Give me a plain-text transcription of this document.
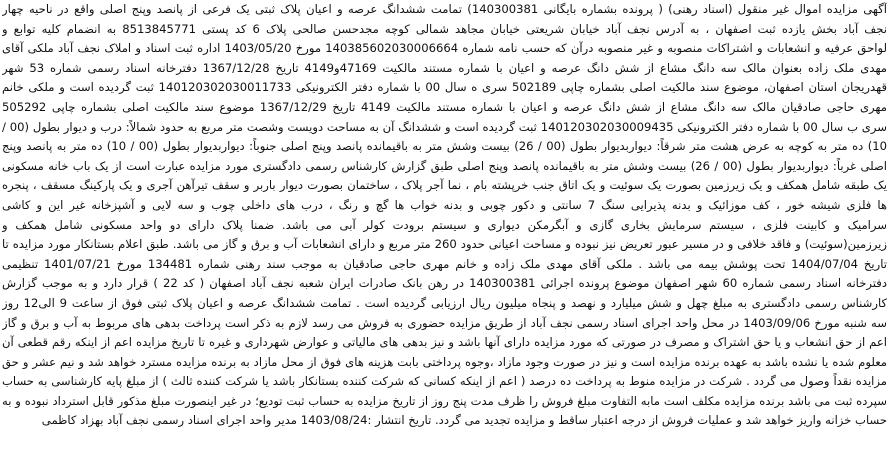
آگهی مزایده اموال غیر منقول (اسناد رهنی) ( پرونده بشماره بایگانی 140300381) تمامت ششدانگ عرصه و اعیان پلاک ثبتی یک فرعی از پانصد وپنج اصلی واقع در ناحیه چهار
نجف آباد بخش یازده ثبت اصفهان ، به آدرس نجف آباد خیابان شریعتی خیابان مجاهد شمالی کوچه مجدحسن صالحی پلاک 6 کد پستی 8513845771 به انضمام کلیه توابع و
لواحق عرفیه و انشعابات و اشتراکات منصوبه و غیر منصوبه درآن که حسب نامه شماره 140385602030006664 مورخ 1403/05/20 اداره ثبت اسناد و املاک نجف آباد ملکی آقای
مهدی ملک زاده بعنوان مالک سه دانگ مشاع از شش دانگ عرصه و اعیان با شماره مستند مالکیت 47169و4149 تاریخ 1367/12/28 دفترخانه اسناد رسمی شماره 53 شهر
قهدریجان استان اصفهان، موضوع سند مالکیت اصلی بشماره چاپی 502189 سری ه سال 00 با شماره دفتر الکترونیکی 140120302030011733 ثبت گردیده است و ملکی خانم
مهری حاجی صادقیان مالک سه دانگ مشاع از شش دانگ عرصه و اعیان با شماره مستند مالکیت 4149 تاریخ 1367/12/29 موضوع سند مالکیت اصلی بشماره چاپی 505292
سری ب سال 00 با شماره دفتر الکترونیکی 140120302030009435 ثبت گردیده است و ششدانگ آن به مساحت دویست وشصت متر مربع به حدود شمالاً: درب و دیوار بطول (00 /
10) ده متر به کوچه به عرض هشت متر شرقاً: دیواربدیوار بطول (00 / 26) بیست وشش متر به باقیمانده پانصد وپنج اصلی جنوباً: دیواربدیوار بطول (00 / 10) ده متر به پانصد وپنج
اصلی غرباً: دیواربدیوار بطول (00 / 26) بیست وشش متر به باقیمانده پانصد وپنج اصلی طبق گزارش کارشناس رسمی دادگستری مورد مزایده عبارت است از یک باب خانه مسکونی
یک طبقه شامل همکف و یک زیرزمین بصورت یک سوئیت و یک اتاق جنب خرپشته بام ، نما آجر پلاک ، ساختمان بصورت دیوار باربر و سقف تیرآهن آجری و یک پارکینگ مسقف ، پنجره
ها فلزی شیشه خور ، کف موزائیک و بدنه پذیرایی سنگ 7 سانتی و دکور چوبی و بدنه خواب ها گچ و رنگ ، درب های داخلی چوب و سه لایی و آشپزخانه غیر این و کاشی
سرامیک و کابینت فلزی ، سیستم سرمایش بخاری گازی و آبگرمکن دیواری و سیستم برودت کولر آبی می باشد. ضمنا پلاک دارای دو واحد مسکونی شامل همکف و
زیرزمین(سوئیت) و فاقد خلافی و در مسیر عبور تعریض نیز نبوده و مساحت اعیانی حدود 260 متر مربع و دارای انشعابات آب و برق و گاز می باشد. طبق اعلام بستانکار مورد مزایده تا
تاریخ 1404/07/04 تحت پوشش بیمه می باشد . ملکی آقای مهدی ملک زاده و خانم مهری حاجی صادقیان به موجب سند رهنی شماره 134481 مورخ 1401/07/21 تنظیمی
دفترخانه اسناد رسمی شماره 60 شهر اصفهان موضوع پرونده اجرائی 140300381 در رهن بانک صادرات ایران شعبه نجف آباد اصفهان ( کد 22 ) قرار دارد و به موجب گزارش
کارشناس رسمی دادگستری به مبلغ چهل و شش میلیارد و نهصد و پنجاه میلیون ریال ارزیابی گردیده است . تمامت ششدانگ عرصه و اعیان پلاک ثبتی فوق از ساعت 9 الی12 روز
سه شنبه مورخ 1403/09/06 در محل واحد اجرای اسناد رسمی نجف آباد از طریق مزایده حضوری به فروش می رسد لازم به ذکر است پرداخت بدهی های مربوط به آب و برق و گاز
اعم از حق انشعاب و یا حق اشتراک و مصرف در صورتی که مورد مزایده دارای آنها باشد و نیز بدهی های مالیاتی و عوارض شهرداری و غیره تا تاریخ مزایده اعم از اینکه رقم قطعی آن
معلوم شده یا نشده باشد به عهده برنده مزایده است و نیز در صورت وجود مازاد ،وجوه پرداختی بابت هزینه های فوق از محل مازاد به برنده مزایده مسترد خواهد شد و نیم عشر و حق
مزایده نقداً وصول می گردد . شرکت در مزایده منوط به پرداخت ده درصد ( اعم از اینکه کسانی که شرکت کننده بستانکار باشد یا شرکت کننده ثالث ) از مبلغ پایه کارشناسی به حساب
سپرده ثبت می باشد برنده مزایده مکلف است مابه التفاوت مبلغ فروش را ظرف مدت پنج روز از تاریخ مزایده به حساب ثبت تودیع؛ در غیر اینصورت مبلغ مذکور قابل استرداد نبوده و به
حساب خزانه واریز خواهد شد و عملیات فروش از درجه اعتبار ساقط و مزایده تجدید می گردد. تاریخ انتشار :1403/08/24 مدیر واحد اجرای اسناد رسمی نجف آباد بهزاد کاظمی
